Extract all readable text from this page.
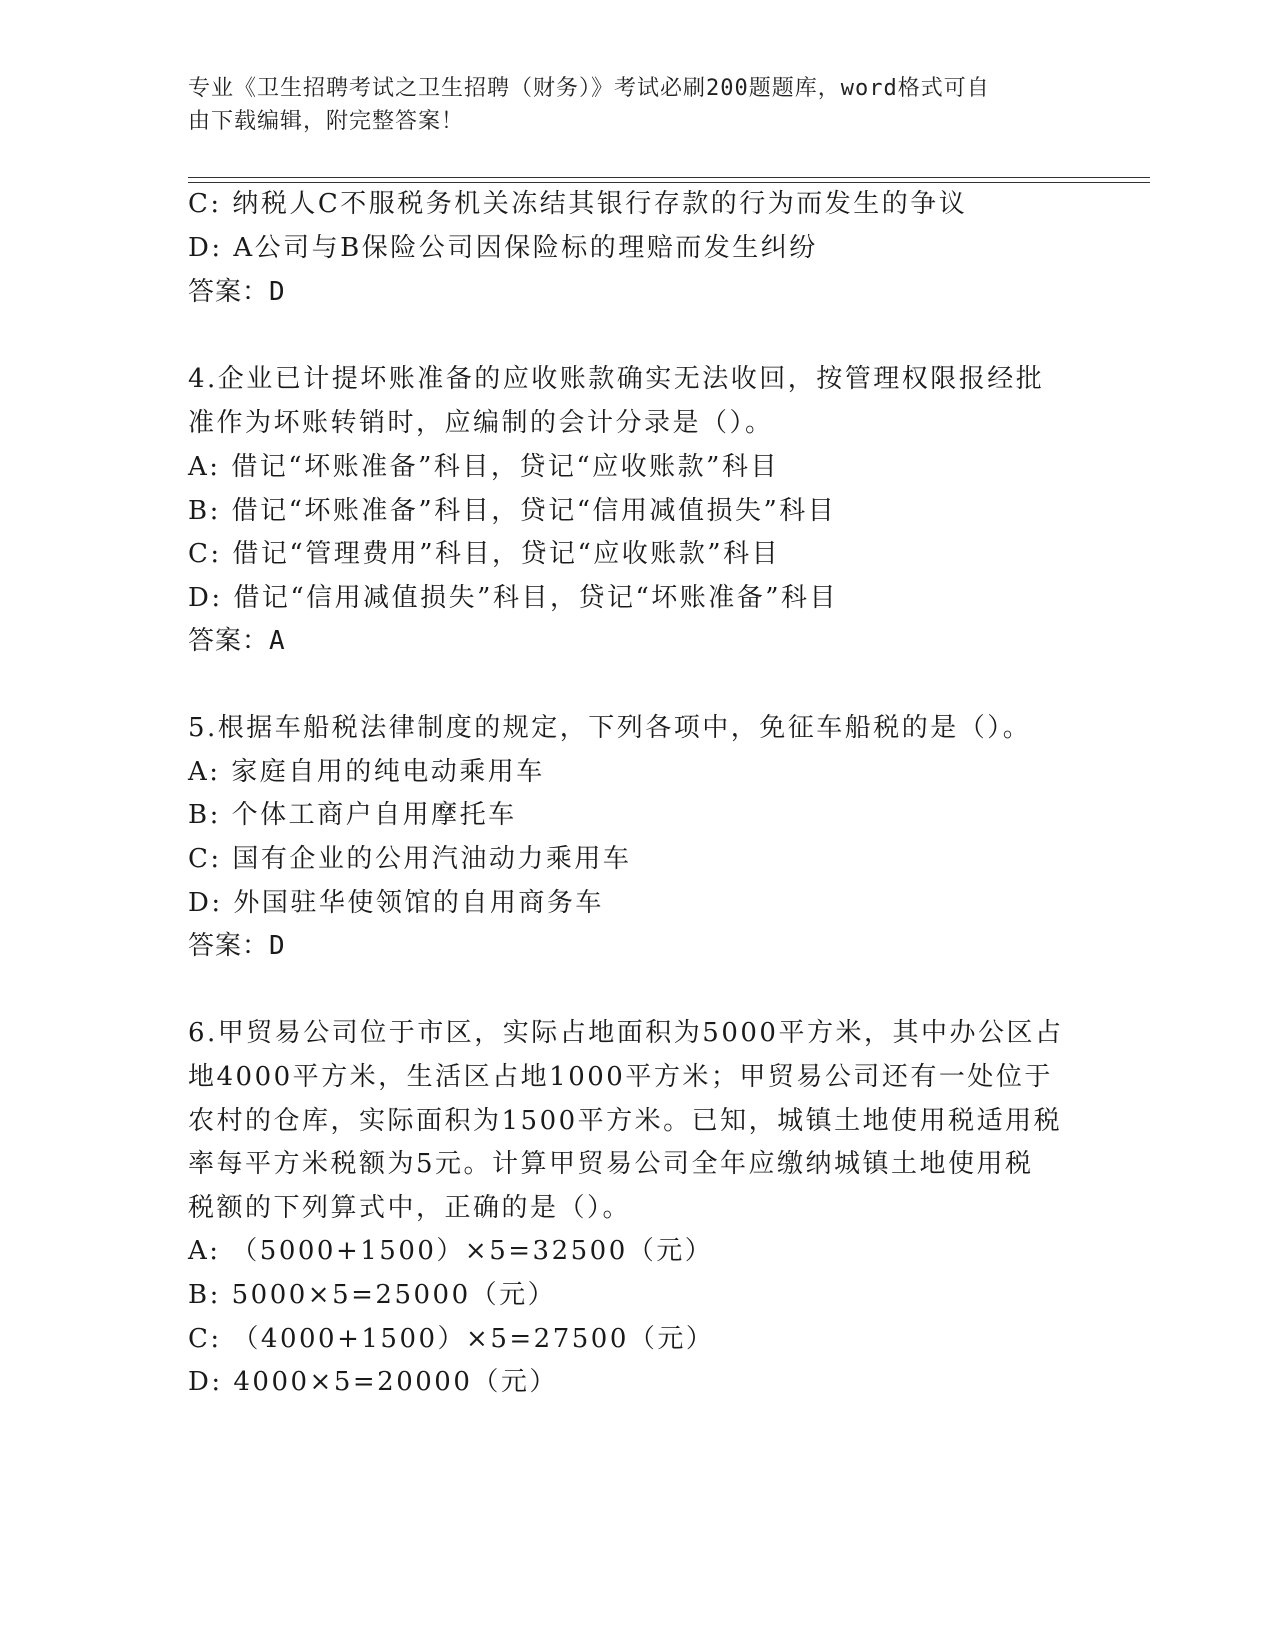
专业《卫生招聘考试之卫生招聘（财务）》考试必刷200题题库，word格式可自
由下载编辑，附完整答案！
C: 纳税人C不服税务机关冻结其银行存款的行为而发生的争议
D: A公司与B保险公司因保险标的理赔而发生纠纷
答案：D
4.企业已计提坏账准备的应收账款确实无法收回，按管理权限报经批
准作为坏账转销时，应编制的会计分录是（）。
A: 借记“坏账准备”科目，贷记“应收账款”科目
B: 借记“坏账准备”科目，贷记“信用减值损失”科目
C: 借记“管理费用”科目，贷记“应收账款”科目
D: 借记“信用减值损失”科目，贷记“坏账准备”科目
答案：A
5.根据车船税法律制度的规定，下列各项中，免征车船税的是（）。
A: 家庭自用的纯电动乘用车
B: 个体工商户自用摩托车
C: 国有企业的公用汽油动力乘用车
D: 外国驻华使领馆的自用商务车
答案：D
6.甲贸易公司位于市区，实际占地面积为5000平方米，其中办公区占
地4000平方米，生活区占地1000平方米；甲贸易公司还有一处位于
农村的仓库，实际面积为1500平方米。已知，城镇土地使用税适用税
率每平方米税额为5元。计算甲贸易公司全年应缴纳城镇土地使用税
税额的下列算式中，正确的是（）。
A: （5000+1500）×5=32500（元）
B: 5000×5=25000（元）
C: （4000+1500）×5=27500（元）
D: 4000×5=20000（元）
